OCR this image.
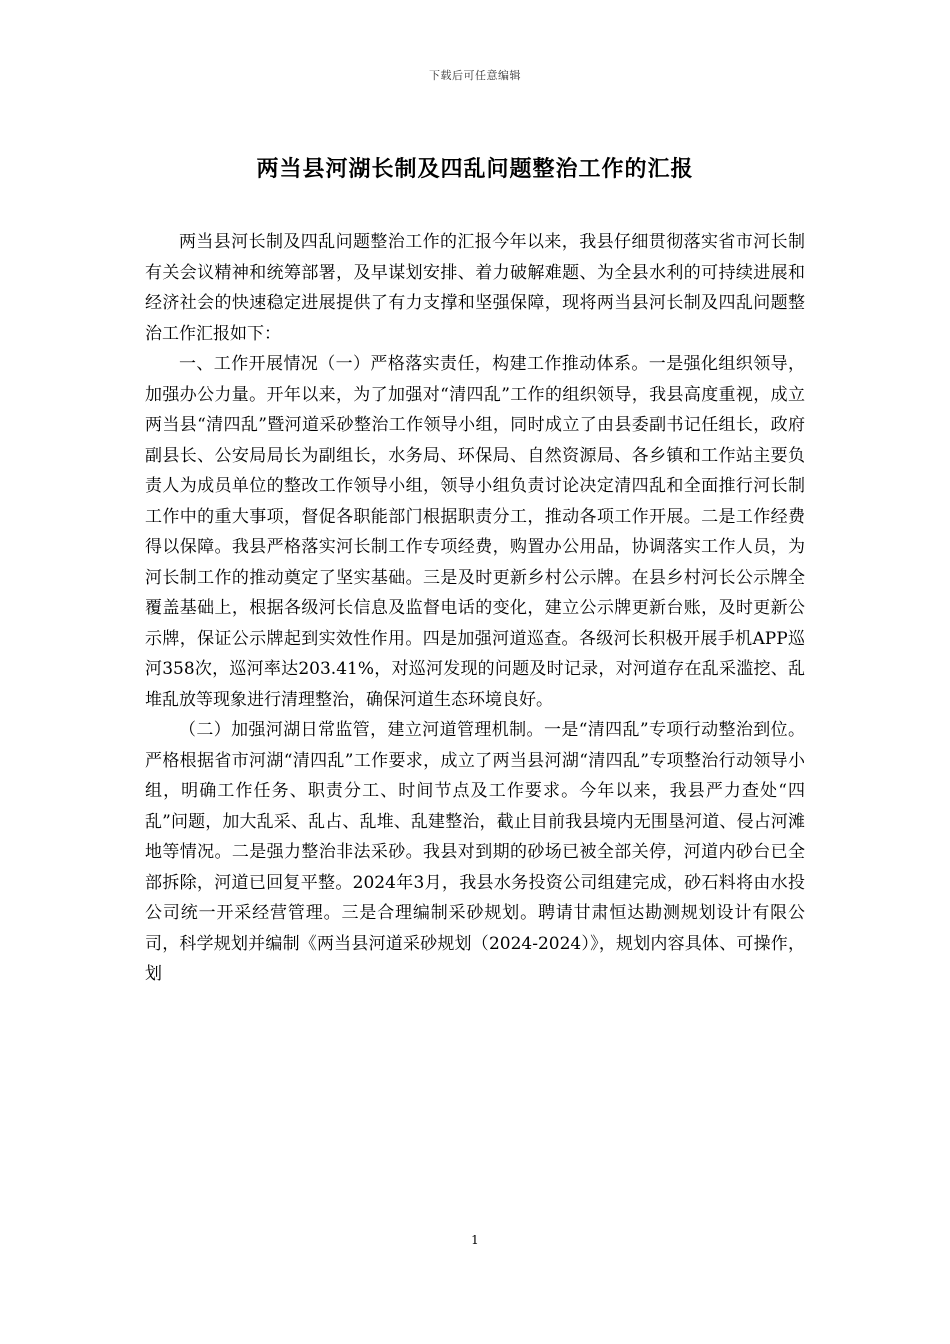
下载后可任意编辑
两当县河湖长制及四乱问题整治工作的汇报

两当县河长制及四乱问题整治工作的汇报今年以来，我县仔细贯彻落实省市河长制有关会议精神和统筹部署，及早谋划安排、着力破解难题、为全县水利的可持续进展和经济社会的快速稳定进展提供了有力支撑和坚强保障，现将两当县河长制及四乱问题整治工作汇报如下：

一、工作开展情况（一）严格落实责任，构建工作推动体系。一是强化组织领导，加强办公力量。开年以来，为了加强对“清四乱”工作的组织领导，我县高度重视，成立两当县“清四乱”暨河道采砂整治工作领导小组，同时成立了由县委副书记任组长，政府副县长、公安局局长为副组长，水务局、环保局、自然资源局、各乡镇和工作站主要负责人为成员单位的整改工作领导小组，领导小组负责讨论决定清四乱和全面推行河长制工作中的重大事项，督促各职能部门根据职责分工，推动各项工作开展。二是工作经费得以保障。我县严格落实河长制工作专项经费，购置办公用品，协调落实工作人员，为河长制工作的推动奠定了坚实基础。三是及时更新乡村公示牌。在县乡村河长公示牌全覆盖基础上，根据各级河长信息及监督电话的变化，建立公示牌更新台账，及时更新公示牌，保证公示牌起到实效性作用。四是加强河道巡查。各级河长积极开展手机APP巡河358次，巡河率达203.41%，对巡河发现的问题及时记录，对河道存在乱采滥挖、乱堆乱放等现象进行清理整治，确保河道生态环境良好。

（二）加强河湖日常监管，建立河道管理机制。一是“清四乱”专项行动整治到位。严格根据省市河湖“清四乱”工作要求，成立了两当县河湖“清四乱”专项整治行动领导小组，明确工作任务、职责分工、时间节点及工作要求。今年以来，我县严力查处“四乱”问题，加大乱采、乱占、乱堆、乱建整治，截止目前我县境内无围垦河道、侵占河滩地等情况。二是强力整治非法采砂。我县对到期的砂场已被全部关停，河道内砂台已全部拆除，河道已回复平整。2024年3月，我县水务投资公司组建完成，砂石料将由水投公司统一开采经营管理。三是合理编制采砂规划。聘请甘肃恒达勘测规划设计有限公司，科学规划并编制《两当县河道采砂规划（2024-2024）》，规划内容具体、可操作，划

1
